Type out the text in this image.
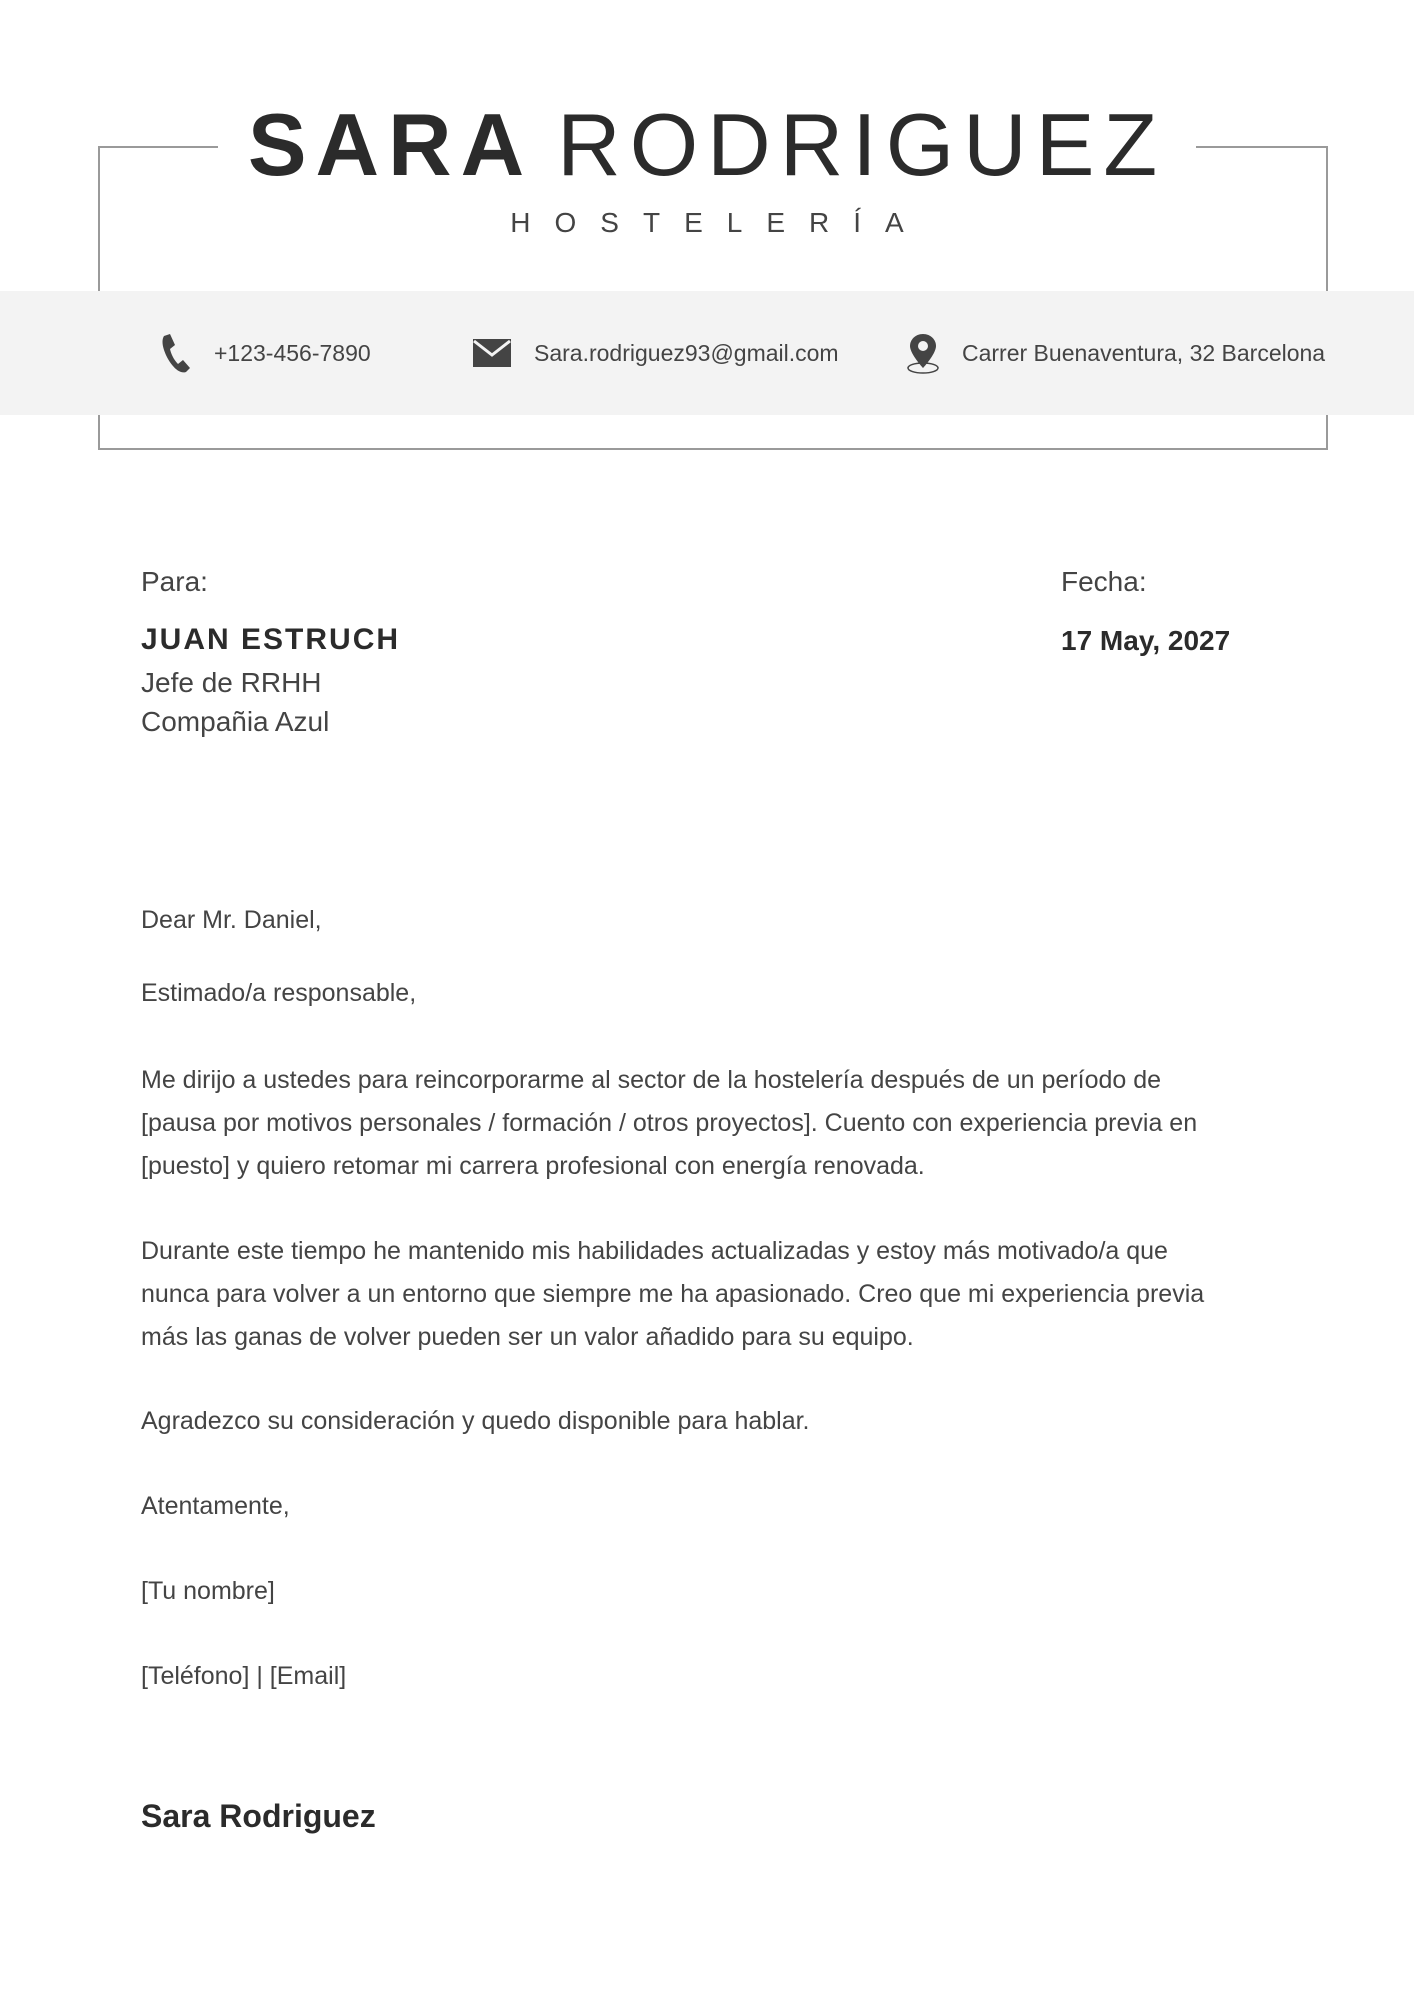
SARA RODRIGUEZ
HOSTELERÍA
+123-456-7890	Sara.rodriguez93@gmail.com	Carrer Buenaventura, 32 Barcelona
Para:	Fecha:
JUAN ESTRUCH
Jefe de RRHH
Compañia Azul
17 May, 2027

Dear Mr. Daniel,

Estimado/a responsable,

Me dirijo a ustedes para reincorporarme al sector de la hostelería después de un período de [pausa por motivos personales / formación / otros proyectos]. Cuento con experiencia previa en [puesto] y quiero retomar mi carrera profesional con energía renovada.

Durante este tiempo he mantenido mis habilidades actualizadas y estoy más motivado/a que nunca para volver a un entorno que siempre me ha apasionado. Creo que mi experiencia previa más las ganas de volver pueden ser un valor añadido para su equipo.

Agradezco su consideración y quedo disponible para hablar.

Atentamente,

[Tu nombre]

[Teléfono] | [Email]

Sara Rodriguez
